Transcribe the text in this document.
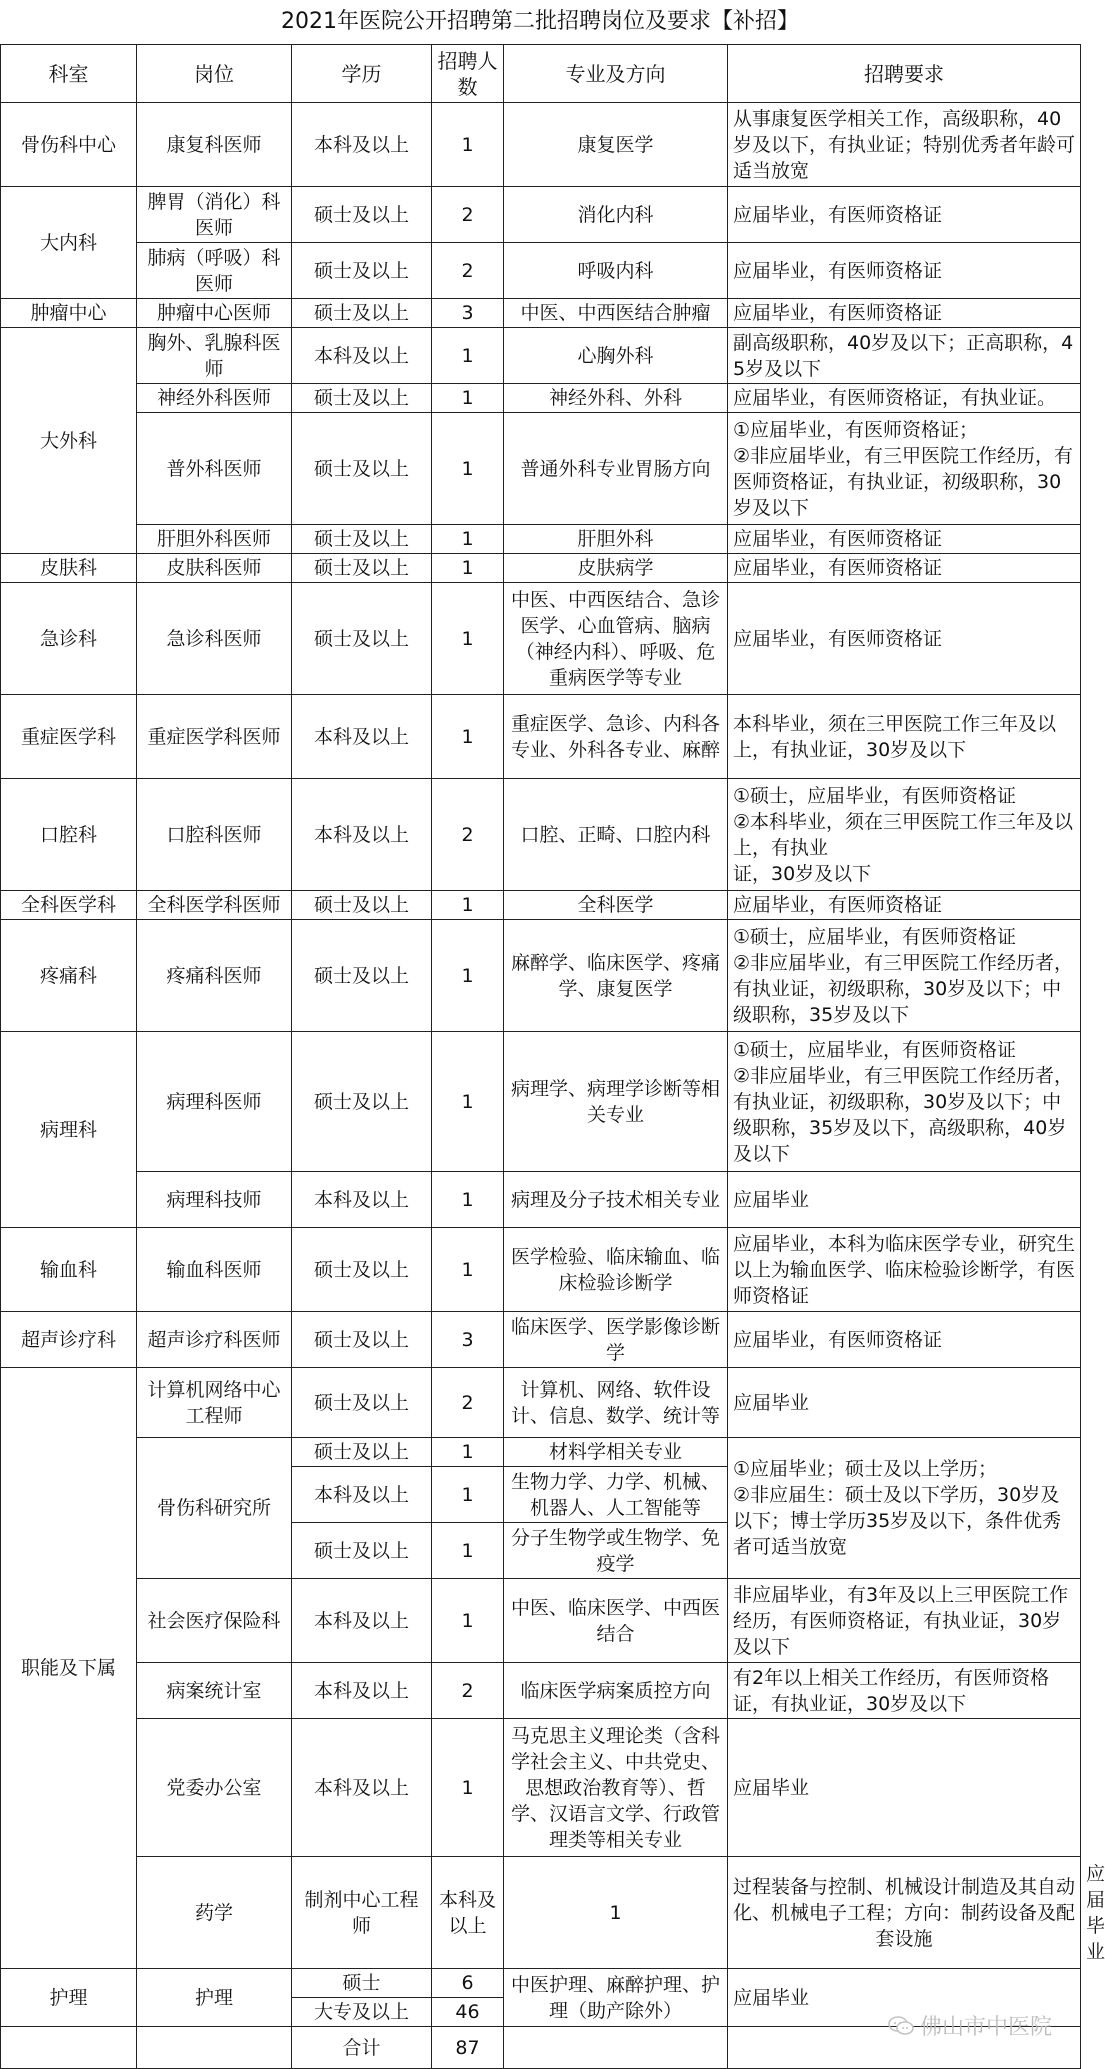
2021年医院公开招聘第二批招聘岗位及要求【补招】
科室	岗位	学历	招聘人数	专业及方向	招聘要求	
骨伤科中心	康复科医师	本科及以上	1	康复医学	从事康复医学相关工作，高级职称，40岁及以下，有执业证；特别优秀者年龄可适当放宽	
大内科	脾胃（消化）科医师	硕士及以上	2	消化内科	应届毕业，有医师资格证	
	肺病（呼吸）科医师	硕士及以上	2	呼吸内科	应届毕业，有医师资格证	
肿瘤中心	肿瘤中心医师	硕士及以上	3	中医、中西医结合肿瘤	应届毕业，有医师资格证	
大外科	胸外、乳腺科医师	本科及以上	1	心胸外科	副高级职称，40岁及以下；正高职称，45岁及以下	
	神经外科医师	硕士及以上	1	神经外科、外科	应届毕业，有医师资格证，有执业证。	
	普外科医师	硕士及以上	1	普通外科专业胃肠方向	①应届毕业，有医师资格证；
②非应届毕业，有三甲医院工作经历，有医师资格证，有执业证，初级职称，30岁及以下	
	肝胆外科医师	硕士及以上	1	肝胆外科	应届毕业，有医师资格证	
皮肤科	皮肤科医师	硕士及以上	1	皮肤病学	应届毕业，有医师资格证	
急诊科	急诊科医师	硕士及以上	1	中医、中西医结合、急诊医学、心血管病、脑病（神经内科）、呼吸、危重病医学等专业	应届毕业，有医师资格证	
重症医学科	重症医学科医师	本科及以上	1	重症医学、急诊、内科各专业、外科各专业、麻醉	本科毕业，须在三甲医院工作三年及以上，有执业证，30岁及以下	
口腔科	口腔科医师	本科及以上	2	口腔、正畸、口腔内科	①硕士，应届毕业，有医师资格证
②本科毕业，须在三甲医院工作三年及以上，有执业
证，30岁及以下	
全科医学科	全科医学科医师	硕士及以上	1	全科医学	应届毕业，有医师资格证	
疼痛科	疼痛科医师	硕士及以上	1	麻醉学、临床医学、疼痛学、康复医学	①硕士，应届毕业，有医师资格证
②非应届毕业，有三甲医院工作经历者，有执业证，初级职称，30岁及以下；中级职称，35岁及以下	
病理科	病理科医师	硕士及以上	1	病理学、病理学诊断等相关专业	①硕士，应届毕业，有医师资格证
②非应届毕业，有三甲医院工作经历者，有执业证，初级职称，30岁及以下；中级职称，35岁及以下，高级职称，40岁及以下	
	病理科技师	本科及以上	1	病理及分子技术相关专业	应届毕业	
输血科	输血科医师	硕士及以上	1	医学检验、临床输血、临床检验诊断学	应届毕业，本科为临床医学专业，研究生以上为输血医学、临床检验诊断学，有医师资格证	
超声诊疗科	超声诊疗科医师	硕士及以上	3	临床医学、医学影像诊断学	应届毕业，有医师资格证	
职能及下属	计算机网络中心工程师	硕士及以上	2	计算机、网络、软件设计、信息、数学、统计等	应届毕业	
	骨伤科研究所	硕士及以上	1	材料学相关专业	①应届毕业；硕士及以上学历；
②非应届生：硕士及以下学历，30岁及以下；博士学历35岁及以下，条件优秀者可适当放宽	
		本科及以上	1	生物力学、力学、机械、机器人、人工智能等		
		硕士及以上	1	分子生物学或生物学、免疫学		
	社会医疗保险科	本科及以上	1	中医、临床医学、中西医结合	非应届毕业，有3年及以上三甲医院工作经历，有医师资格证，有执业证，30岁及以下	
	病案统计室	本科及以上	2	临床医学病案质控方向	有2年以上相关工作经历，有医师资格证，有执业证，30岁及以下	
	党委办公室	本科及以上	1	马克思主义理论类（含科学社会主义、中共党史、思想政治教育等）、哲学、汉语言文学、行政管理类等相关专业	应届毕业	
	药学	制剂中心工程师	本科及以上	1	过程装备与控制、机械设计制造及其自动化、机械电子工程；方向：制药设备及配套设施	应届毕业
护理	护理	硕士	6	中医护理、麻醉护理、护理（助产除外）	应届毕业	
		大专及以上	46			
		合计	87			
佛山市中医院
